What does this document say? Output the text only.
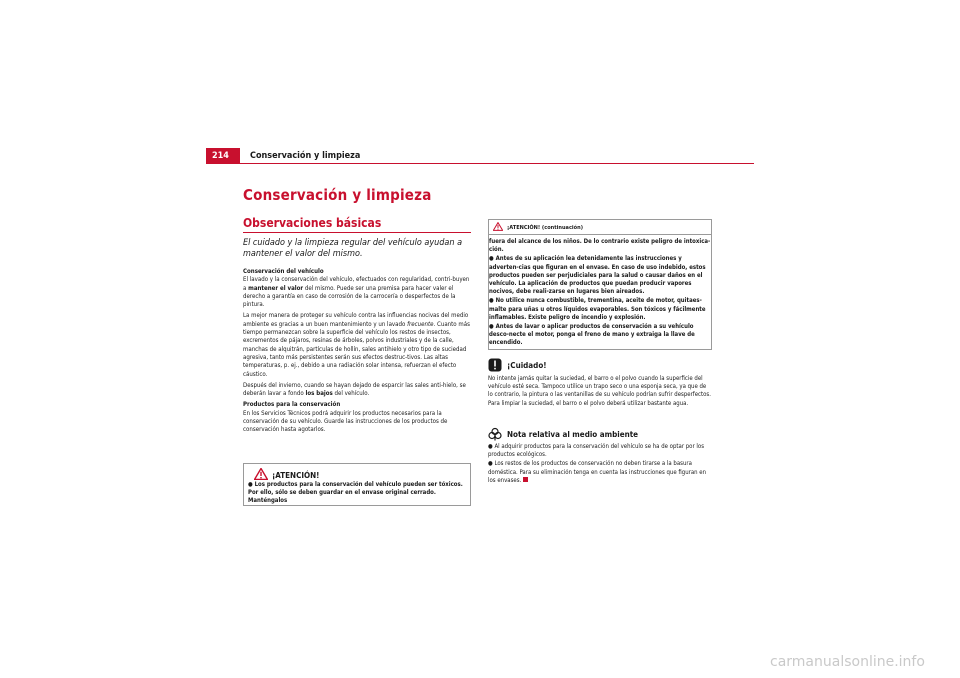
214	Conservación y limpieza
Conservación y limpieza
Observaciones básicas
El cuidado y la limpieza regular del vehículo ayudan a mantener el valor del mismo.
Conservación del vehículo

El lavado y la conservación del vehículo, efectuados con regularidad, contri-buyen a mantener el valor del mismo. Puede ser una premisa para hacer valer el derecho a garantía en caso de corrosión de la carrocería o desperfectos de la pintura.

La mejor manera de proteger su vehículo contra las influencias nocivas del medio ambiente es gracias a un buen mantenimiento y un lavado frecuente. Cuanto más tiempo permanezcan sobre la superficie del vehículo los restos de insectos, excrementos de pájaros, resinas de árboles, polvos industriales y de la calle, manchas de alquitrán, partículas de hollín, sales antihielo y otro tipo de suciedad agresiva, tanto más persistentes serán sus efectos destruc-tivos. Las altas temperaturas, p. ej., debido a una radiación solar intensa, refuerzan el efecto cáustico.

Después del invierno, cuando se hayan dejado de esparcir las sales anti-hielo, se deberán lavar a fondo los bajos del vehículo.

Productos para la conservación

En los Servicios Técnicos podrá adquirir los productos necesarios para la conservación de su vehículo. Guarde las instrucciones de los productos de conservación hasta agotarlos.

¡ATENCIÓN!
● Los productos para la conservación del vehículo pueden ser tóxicos. Por ello, sólo se deben guardar en el envase original cerrado. Manténgalos
¡ATENCIÓN! (continuación)

fuera del alcance de los niños. De lo contrario existe peligro de intoxica-ción.

● Antes de su aplicación lea detenidamente las instrucciones y adverten-cias que figuran en el envase. En caso de uso indebido, estos productos pueden ser perjudiciales para la salud o causar daños en el vehículo. La aplicación de productos que puedan producir vapores nocivos, debe reali-zarse en lugares bien aireados.

● No utilice nunca combustible, trementina, aceite de motor, quitaes-malte para uñas u otros líquidos evaporables. Son tóxicos y fácilmente inflamables. Existe peligro de incendio y explosión.

● Antes de lavar o aplicar productos de conservación a su vehículo desco-necte el motor, ponga el freno de mano y extraiga la llave de encendido.

¡Cuidado!
No intente jamás quitar la suciedad, el barro o el polvo cuando la superficie del vehículo esté seca. Tampoco utilice un trapo seco o una esponja seca, ya que de lo contrario, la pintura o las ventanillas de su vehículo podrían sufrir desperfectos. Para limpiar la suciedad, el barro o el polvo deberá utilizar bastante agua.
Nota relativa al medio ambiente

● Al adquirir productos para la conservación del vehículo se ha de optar por los productos ecológicos.

● Los restos de los productos de conservación no deben tirarse a la basura doméstica. Para su eliminación tenga en cuenta las instrucciones que figuran en los envases.

carmanualsonline.info
